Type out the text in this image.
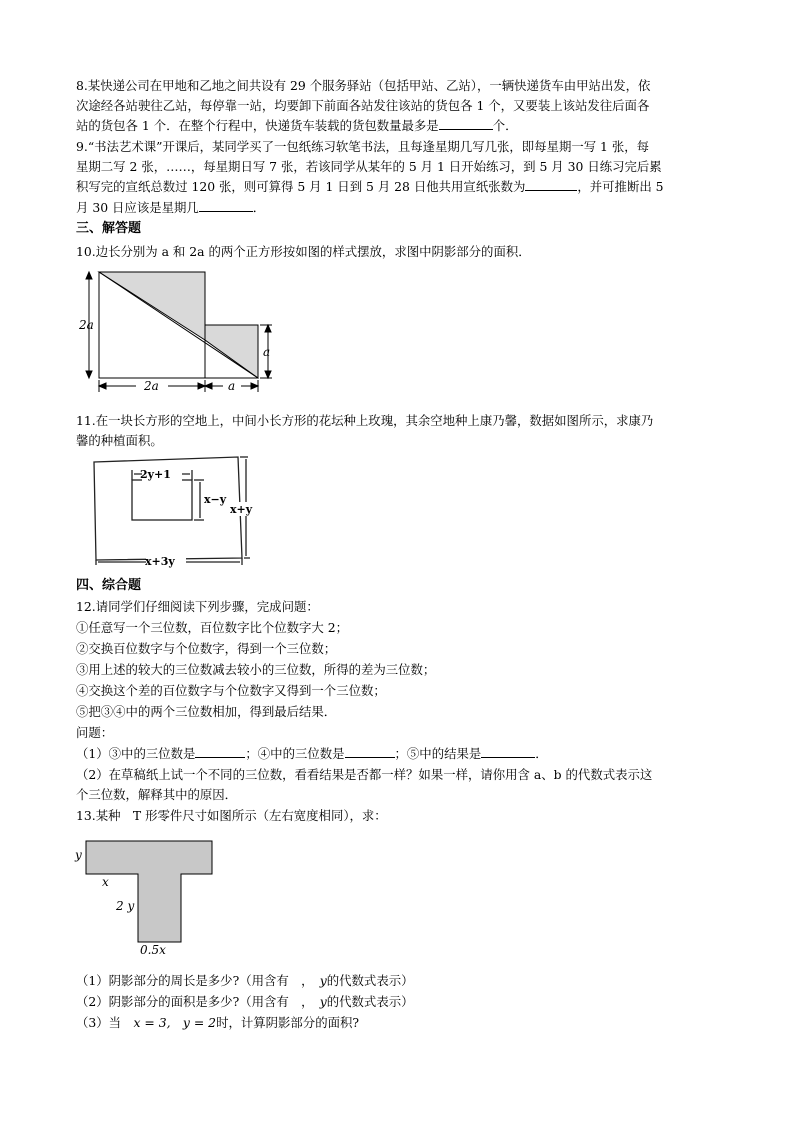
8.某快递公司在甲地和乙地之间共设有 29 个服务驿站（包括甲站、乙站），一辆快递货车由甲站出发，依
次途经各站驶往乙站，每停靠一站，均要卸下前面各站发往该站的货包各 1 个，又要装上该站发往后面各
站的货包各 1 个．在整个行程中，快递货车装载的货包数量最多是	个．
9.“书法艺术课”开课后，某同学买了一包纸练习软笔书法，且每逢星期几写几张，即每星期一写 1 张，每
星期二写 2 张，……，每星期日写 7 张，若该同学从某年的 5 月 1 日开始练习，到 5 月 30 日练习完后累
积写完的宣纸总数过 120 张，则可算得 5 月 1 日到 5 月 28 日他共用宣纸张数为	，并可推断出 5
月 30 日应该是星期几	．
三、解答题
10.边长分别为 a 和 2a 的两个正方形按如图的样式摆放，求图中阴影部分的面积．
2a
a
2a	a
11.在一块长方形的空地上，中间小长方形的花坛种上玫瑰，其余空地种上康乃馨，数据如图所示，求康乃
馨的种植面积。
2y+1
x−y
x+y
x+3y
四、综合题
12.请同学们仔细阅读下列步骤，完成问题：
①任意写一个三位数，百位数字比个位数字大 2；
②交换百位数字与个位数字，得到一个三位数；
③用上述的较大的三位数减去较小的三位数，所得的差为三位数；
④交换这个差的百位数字与个位数字又得到一个三位数；
⑤把③④中的两个三位数相加，得到最后结果．
问题：
（1）③中的三位数是	；④中的三位数是	；⑤中的结果是	．
（2）在草稿纸上试一个不同的三位数，看看结果是否都一样？如果一样，请你用含 a、b 的代数式表示这
个三位数，解释其中的原因．
13.某种　T 形零件尺寸如图所示（左右宽度相同），求：
y
x
2 y
0.5x
（1）阴影部分的周长是多少?（用含有　 ，　 y的代数式表示）
（2）阴影部分的面积是多少?（用含有　 ，　 y的代数式表示）
（3）当　 x = 3,　 y = 2时，计算阴影部分的面积?
